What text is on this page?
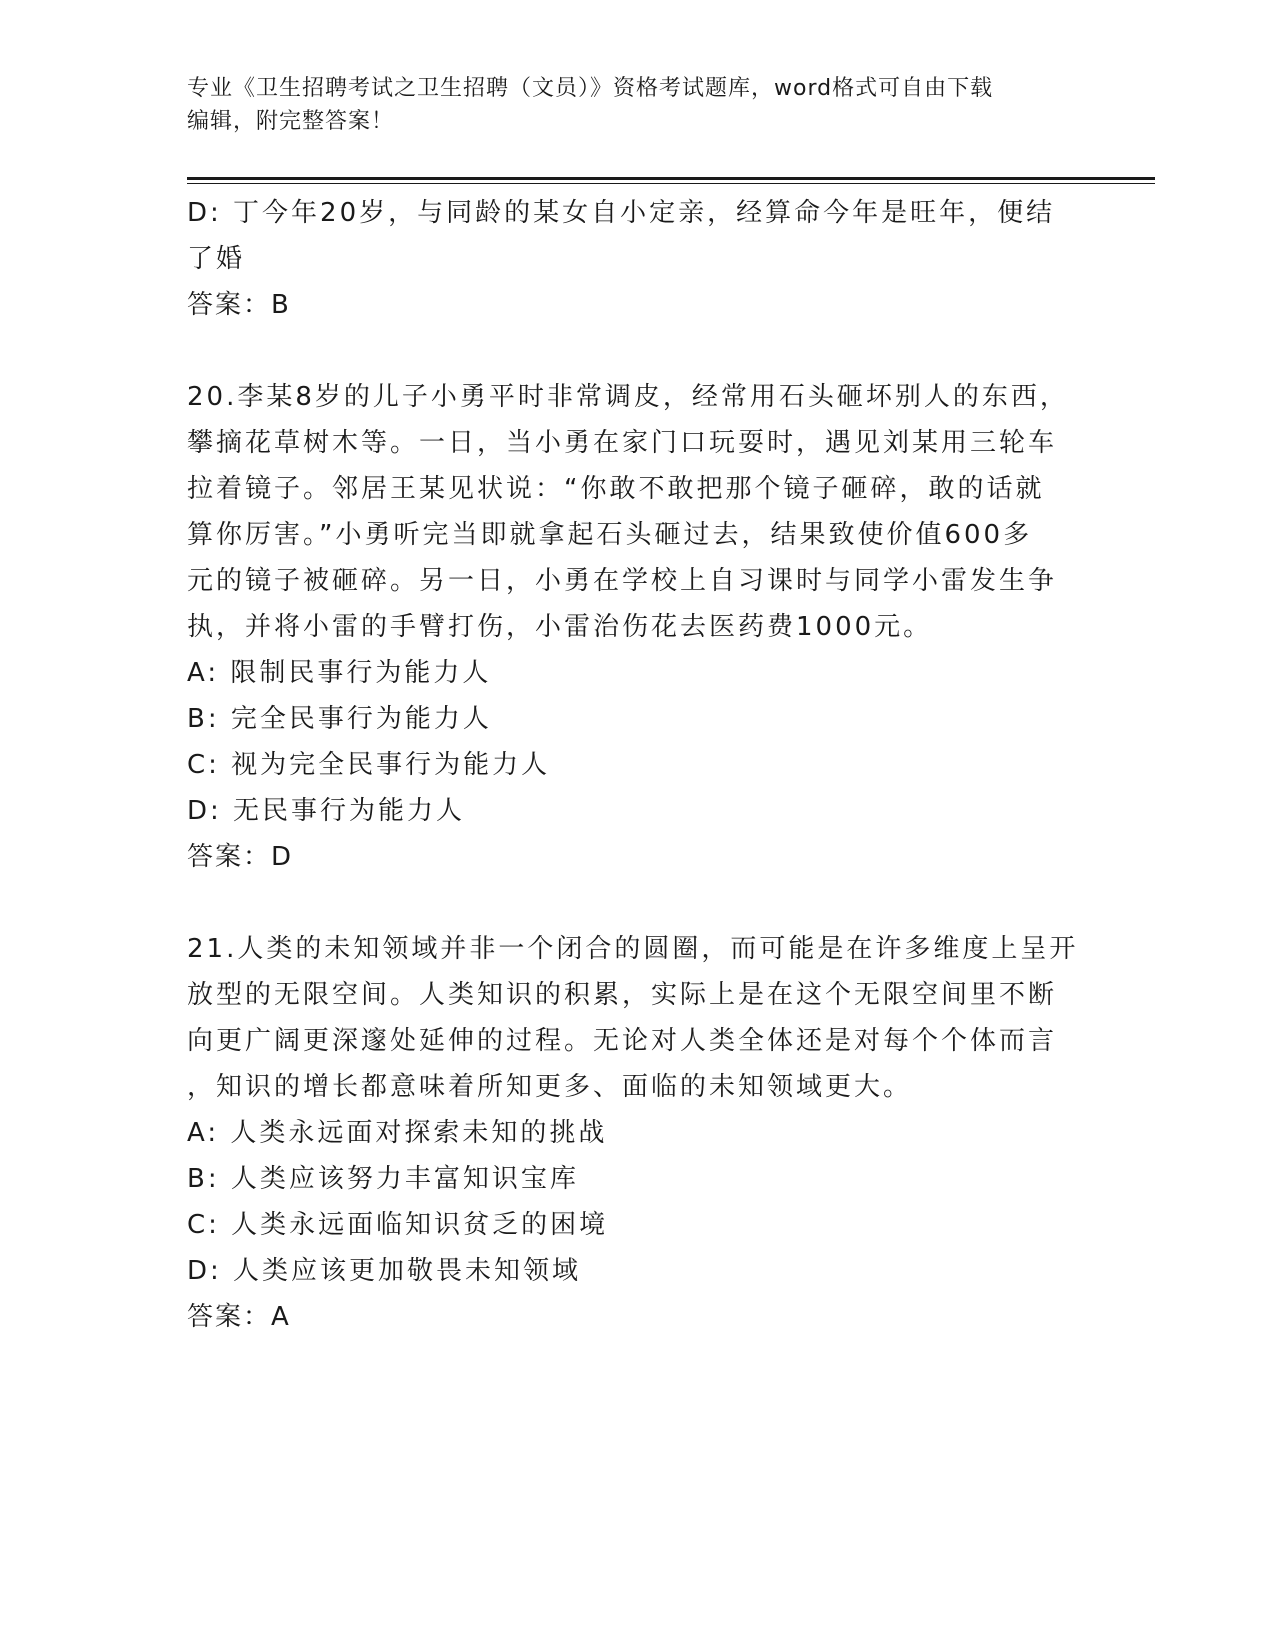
专业《卫生招聘考试之卫生招聘（文员）》资格考试题库，word格式可自由下载
编辑，附完整答案！
D: 丁今年20岁，与同龄的某女自小定亲，经算命今年是旺年，便结
了婚
答案：B
20.李某8岁的儿子小勇平时非常调皮，经常用石头砸坏别人的东西，
攀摘花草树木等。一日，当小勇在家门口玩耍时，遇见刘某用三轮车
拉着镜子。邻居王某见状说：“你敢不敢把那个镜子砸碎，敢的话就
算你厉害。”小勇听完当即就拿起石头砸过去，结果致使价值600多
元的镜子被砸碎。另一日，小勇在学校上自习课时与同学小雷发生争
执，并将小雷的手臂打伤，小雷治伤花去医药费1000元。
A: 限制民事行为能力人
B: 完全民事行为能力人
C: 视为完全民事行为能力人
D: 无民事行为能力人
答案：D
21.人类的未知领域并非一个闭合的圆圈，而可能是在许多维度上呈开
放型的无限空间。人类知识的积累，实际上是在这个无限空间里不断
向更广阔更深邃处延伸的过程。无论对人类全体还是对每个个体而言
，知识的增长都意味着所知更多、面临的未知领域更大。
A: 人类永远面对探索未知的挑战
B: 人类应该努力丰富知识宝库
C: 人类永远面临知识贫乏的困境
D: 人类应该更加敬畏未知领域
答案：A
